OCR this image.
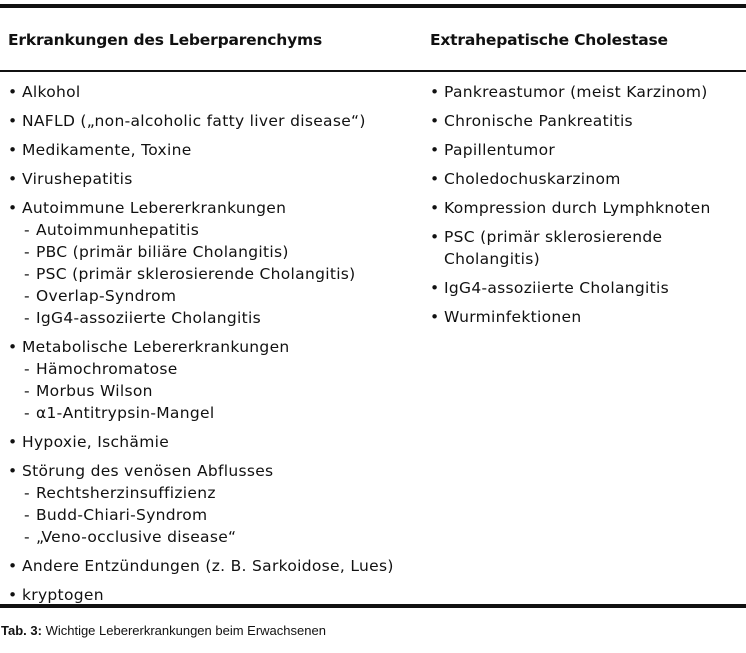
Erkrankungen des Leberparenchyms	Extrahepatische Cholestase
• Alkohol
• NAFLD („non-alcoholic fatty liver disease“)
• Medikamente, Toxine
• Virushepatitis
• Autoimmune Lebererkrankungen
- Autoimmunhepatitis
- PBC (primär biliäre Cholangitis)
- PSC (primär sklerosierende Cholangitis)
- Overlap-Syndrom
- IgG4-assoziierte Cholangitis
• Metabolische Lebererkrankungen
- Hämochromatose
- Morbus Wilson
- α1-Antitrypsin-Mangel
• Hypoxie, Ischämie
• Störung des venösen Abflusses
- Rechtsherzinsuffizienz
- Budd-Chiari-Syndrom
- „Veno-occlusive disease“
• Andere Entzündungen (z. B. Sarkoidose, Lues)
• kryptogen
• Pankreastumor (meist Karzinom)
• Chronische Pankreatitis
• Papillentumor
• Choledochuskarzinom
• Kompression durch Lymphknoten
• PSC (primär sklerosierende Cholangitis)
• IgG4-assoziierte Cholangitis
• Wurminfektionen
Tab. 3: Wichtige Lebererkrankungen beim Erwachsenen
